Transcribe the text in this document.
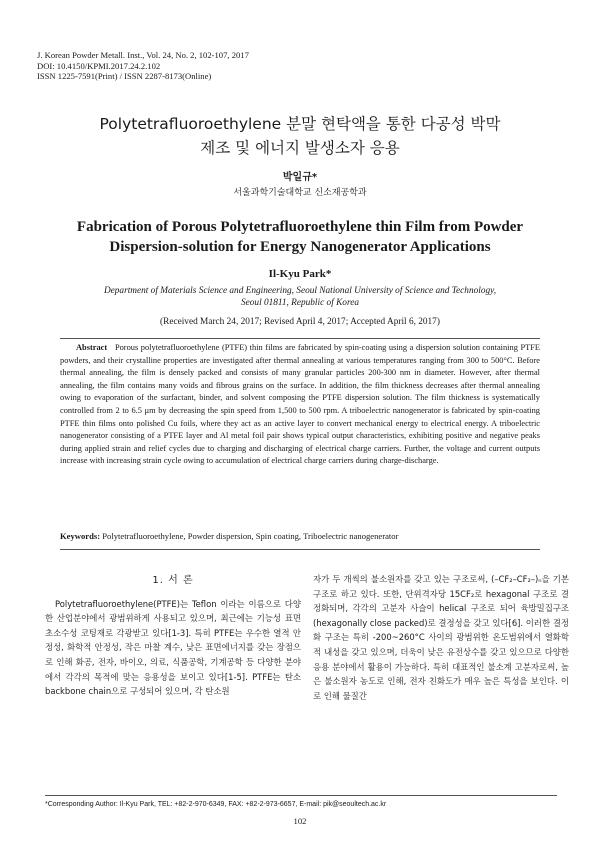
J. Korean Powder Metall. Inst., Vol. 24, No. 2, 102-107, 2017
DOI: 10.4150/KPMI.2017.24.2.102
ISSN 1225-7591(Print) / ISSN 2287-8173(Online)
Polytetrafluoroethylene 분말 현탁액을 통한 다공성 박막
제조 및 에너지 발생소자 응용
박일규*
서울과학기술대학교 신소재공학과
Fabrication of Porous Polytetrafluoroethylene thin Film from Powder
Dispersion-solution for Energy Nanogenerator Applications
Il-Kyu Park*
Department of Materials Science and Engineering, Seoul National University of Science and Technology,
Seoul 01811, Republic of Korea
(Received March 24, 2017; Revised April 4, 2017; Accepted April 6, 2017)
Abstract Porous polytetrafluoroethylene (PTFE) thin films are fabricated by spin-coating using a dispersion solution containing PTFE powders, and their crystalline properties are investigated after thermal annealing at various temperatures ranging from 300 to 500°C. Before thermal annealing, the film is densely packed and consists of many granular particles 200-300 nm in diameter. However, after thermal annealing, the film contains many voids and fibrous grains on the surface. In addition, the film thickness decreases after thermal annealing owing to evaporation of the surfactant, binder, and solvent composing the PTFE dispersion solution. The film thickness is systematically controlled from 2 to 6.5 μm by decreasing the spin speed from 1,500 to 500 rpm. A triboelectric nanogenerator is fabricated by spin-coating PTFE thin films onto polished Cu foils, where they act as an active layer to convert mechanical energy to electrical energy. A triboelectric nanogenerator consisting of a PTFE layer and Al metal foil pair shows typical output characteristics, exhibiting positive and negative peaks during applied strain and relief cycles due to charging and discharging of electrical charge carriers. Further, the voltage and current outputs increase with increasing strain cycle owing to accumulation of electrical charge carriers during charge-discharge.
Keywords: Polytetrafluoroethylene, Powder dispersion, Spin coating, Triboelectric nanogenerator
1. 서 론
Polytetrafluoroethylene(PTFE)는 Teflon 이라는 이름으로 다양한 산업분야에서 광범위하게 사용되고 있으며, 최근에는 기능성 표면 초소수성 코팅재로 각광받고 있다[1-3]. 특히 PTFE는 우수한 열적 안정성, 화학적 안정성, 작은 마찰 계수, 낮은 표면에너지를 갖는 장점으로 인해 화공, 전자, 바이오, 의료, 식품공학, 기계공학 등 다양한 분야에서 각각의 목적에 맞는 응용성을 보이고 있다[1-5]. PTFE는 탄소 backbone chain으로 구성되어 있으며, 각 탄소원
자가 두 개씩의 불소원자를 갖고 있는 구조로써, (–CF₂–CF₂–)ₙ을 기본 구조로 하고 있다. 또한, 단위격자당 15CF₂로 hexagonal 구조로 결정화되며, 각각의 고분자 사슬이 helical 구조로 되어 육방밀집구조(hexagonally close packed)로 결정성을 갖고 있다[6]. 이러한 결정화 구조는 특히 -200~260°C 사이의 광범위한 온도범위에서 열화학적 내성을 갖고 있으며, 더욱이 낮은 유전상수를 갖고 있으므로 다양한 응용 분야에서 활용이 가능하다. 특히 대표적인 불소계 고분자로써, 높은 불소원자 농도로 인해, 전자 친화도가 매우 높은 특성을 보인다. 이로 인해 물질간
*Corresponding Author: Il-Kyu Park, TEL: +82-2-970-6349, FAX: +82-2-973-6657, E-mail: pik@seoultech.ac.kr
102
